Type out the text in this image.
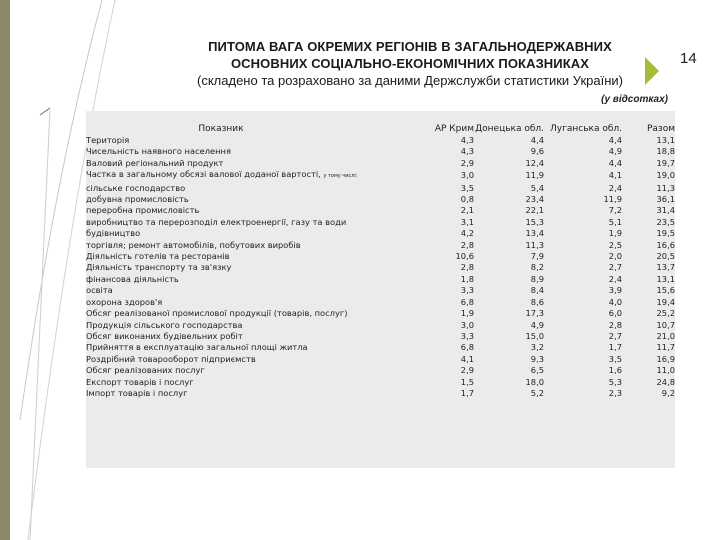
ПИТОМА ВАГА ОКРЕМИХ РЕГІОНІВ В ЗАГАЛЬНОДЕРЖАВНИХ
ОСНОВНИХ СОЦІАЛЬНО-ЕКОНОМІЧНИХ ПОКАЗНИКАХ
(складено та розраховано за даними Держслужби статистики України)
14
(у відсотках)
Показник	АР Крим	Донецька обл.	Луганська обл.	Разом
Територія	4,3	4,4	4,4	13,1
Чисельність наявного населення	4,3	9,6	4,9	18,8
Валовий регіональний продукт	2,9	12,4	4,4	19,7
Частка в загальному обсязі валової доданої вартості, у тому числі:	3,0	11,9	4,1	19,0
сільське господарство	3,5	5,4	2,4	11,3
добувна промисловість	0,8	23,4	11,9	36,1
переробна промисловість	2,1	22,1	7,2	31,4
виробництво та перерозподіл електроенергії, газу та води	3,1	15,3	5,1	23,5
будівництво	4,2	13,4	1,9	19,5
торгівля; ремонт автомобілів, побутових виробів	2,8	11,3	2,5	16,6
Діяльність готелів та ресторанів	10,6	7,9	2,0	20,5
Діяльність транспорту та зв'язку	2,8	8,2	2,7	13,7
фінансова діяльність	1,8	8,9	2,4	13,1
освіта	3,3	8,4	3,9	15,6
охорона здоров'я	6,8	8,6	4,0	19,4
Обсяг реалізованої промислової продукції (товарів, послуг)	1,9	17,3	6,0	25,2
Продукція сільського господарства	3,0	4,9	2,8	10,7
Обсяг виконаних будівельних робіт	3,3	15,0	2,7	21,0
Прийняття в експлуатацію загальної площі житла	6,8	3,2	1,7	11,7
Роздрібний товарооборот підприємств	4,1	9,3	3,5	16,9
Обсяг реалізованих послуг	2,9	6,5	1,6	11,0
Експорт товарів і послуг	1,5	18,0	5,3	24,8
Імпорт товарів і послуг	1,7	5,2	2,3	9,2
